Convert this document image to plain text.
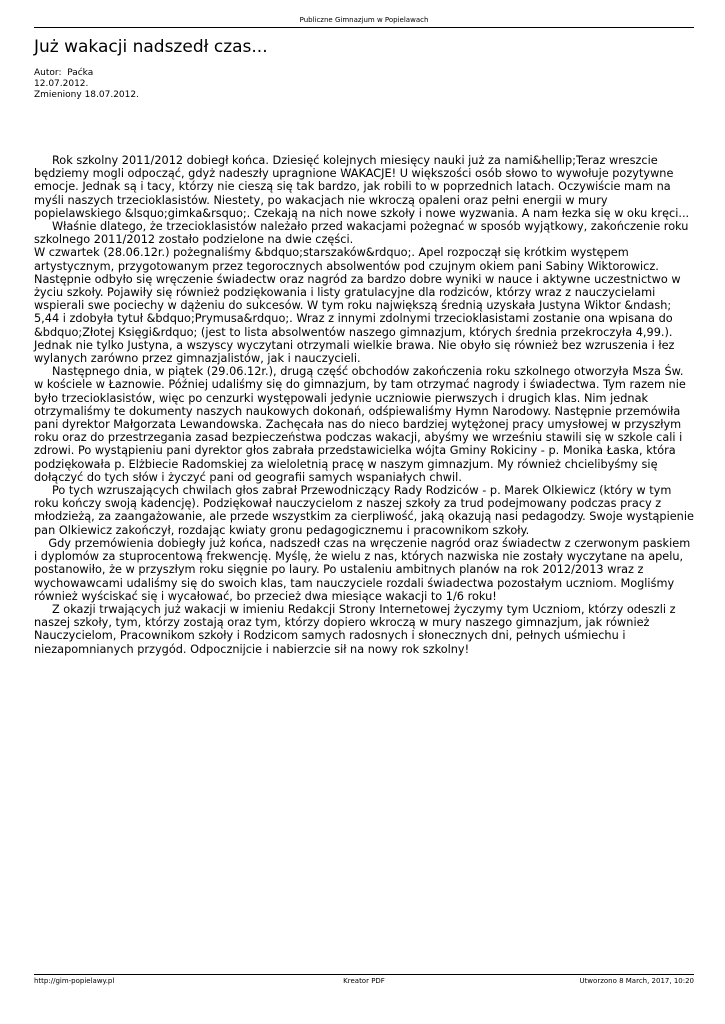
Publiczne Gimnazjum w Popielawach
Już wakacji nadszedł czas...
Autor:  Paćka
12.07.2012.
Zmieniony 18.07.2012.

Rok szkolny 2011/2012 dobiegł końca. Dziesięć kolejnych miesięcy nauki już za nami&hellip;Teraz wreszcie będziemy mogli odpocząć, gdyż nadeszły upragnione WAKACJE! U większości osób słowo to wywołuje pozytywne emocje. Jednak są i tacy, którzy nie cieszą się tak bardzo, jak robili to w poprzednich latach. Oczywiście mam na myśli naszych trzecioklasistów. Niestety, po wakacjach nie wkroczą opaleni oraz pełni energii w mury popielawskiego &lsquo;gimka&rsquo;. Czekają na nich nowe szkoły i nowe wyzwania. A nam łezka się w oku kręci...

Właśnie dlatego, że trzecioklasistów należało przed wakacjami pożegnać w sposób wyjątkowy, zakończenie roku szkolnego 2011/2012 zostało podzielone na dwie części.

W czwartek (28.06.12r.) pożegnaliśmy &bdquo;starszaków&rdquo;. Apel rozpoczął się krótkim występem artystycznym, przygotowanym przez tegorocznych absolwentów pod czujnym okiem pani Sabiny Wiktorowicz. Następnie odbyło się wręczenie świadectw oraz nagród za bardzo dobre wyniki w nauce i aktywne uczestnictwo w życiu szkoły. Pojawiły się również podziękowania i listy gratulacyjne dla rodziców, którzy wraz z nauczycielami wspierali swe pociechy w dążeniu do sukcesów. W tym roku największą średnią uzyskała Justyna Wiktor &ndash; 5,44 i zdobyła tytuł &bdquo;Prymusa&rdquo;. Wraz z innymi zdolnymi trzecioklasistami zostanie ona wpisana do &bdquo;Złotej Księgi&rdquo; (jest to lista absolwentów naszego gimnazjum, których średnia przekroczyła 4,99.). Jednak nie tylko Justyna, a wszyscy wyczytani otrzymali wielkie brawa. Nie obyło się również bez wzruszenia i łez wylanych zarówno przez gimnazjalistów, jak i nauczycieli.

Następnego dnia, w piątek (29.06.12r.), drugą część obchodów zakończenia roku szkolnego otworzyła Msza Św. w kościele w Łaznowie. Później udaliśmy się do gimnazjum, by tam otrzymać nagrody i świadectwa. Tym razem nie było trzecioklasistów, więc po cenzurki występowali jedynie uczniowie pierwszych i drugich klas. Nim jednak otrzymaliśmy te dokumenty naszych naukowych dokonań, odśpiewaliśmy Hymn Narodowy. Następnie przemówiła pani dyrektor Małgorzata Lewandowska. Zachęcała nas do nieco bardziej wytężonej pracy umysłowej w przyszłym roku oraz do przestrzegania zasad bezpieczeństwa podczas wakacji, abyśmy we wrześniu stawili się w szkole cali i zdrowi. Po wystąpieniu pani dyrektor głos zabrała przedstawicielka wójta Gminy Rokiciny - p. Monika Łaska, która podziękowała p. Elżbiecie Radomskiej za wieloletnią pracę w naszym gimnazjum. My również chcielibyśmy się dołączyć do tych słów i życzyć pani od geografii samych wspaniałych chwil.

Po tych wzruszających chwilach głos zabrał Przewodniczący Rady Rodziców - p. Marek Olkiewicz (który w tym roku kończy swoją kadencję). Podziękował nauczycielom z naszej szkoły za trud podejmowany podczas pracy z młodzieżą, za zaangażowanie, ale przede wszystkim za cierpliwość, jaką okazują nasi pedagodzy. Swoje wystąpienie pan Olkiewicz zakończył, rozdając kwiaty gronu pedagogicznemu i pracownikom szkoły.

Gdy przemówienia dobiegły już końca, nadszedł czas na wręczenie nagród oraz świadectw z czerwonym paskiem i dyplomów za stuprocentową frekwencję. Myślę, że wielu z nas, których nazwiska nie zostały wyczytane na apelu, postanowiło, że w przyszłym roku sięgnie po laury. Po ustaleniu ambitnych planów na rok 2012/2013 wraz z wychowawcami udaliśmy się do swoich klas, tam nauczyciele rozdali świadectwa pozostałym uczniom. Mogliśmy również wyściskać się i wycałować, bo przecież dwa miesiące wakacji to 1/6 roku!

Z okazji trwających już wakacji w imieniu Redakcji Strony Internetowej życzymy tym Uczniom, którzy odeszli z naszej szkoły, tym, którzy zostają oraz tym, którzy dopiero wkroczą w mury naszego gimnazjum, jak również Nauczycielom, Pracownikom szkoły i Rodzicom samych radosnych i słonecznych dni, pełnych uśmiechu i niezapomnianych przygód. Odpocznijcie i nabierzcie sił na nowy rok szkolny!

http://gim-popielawy.pl	Kreator PDF	Utworzono 8 March, 2017, 10:20
